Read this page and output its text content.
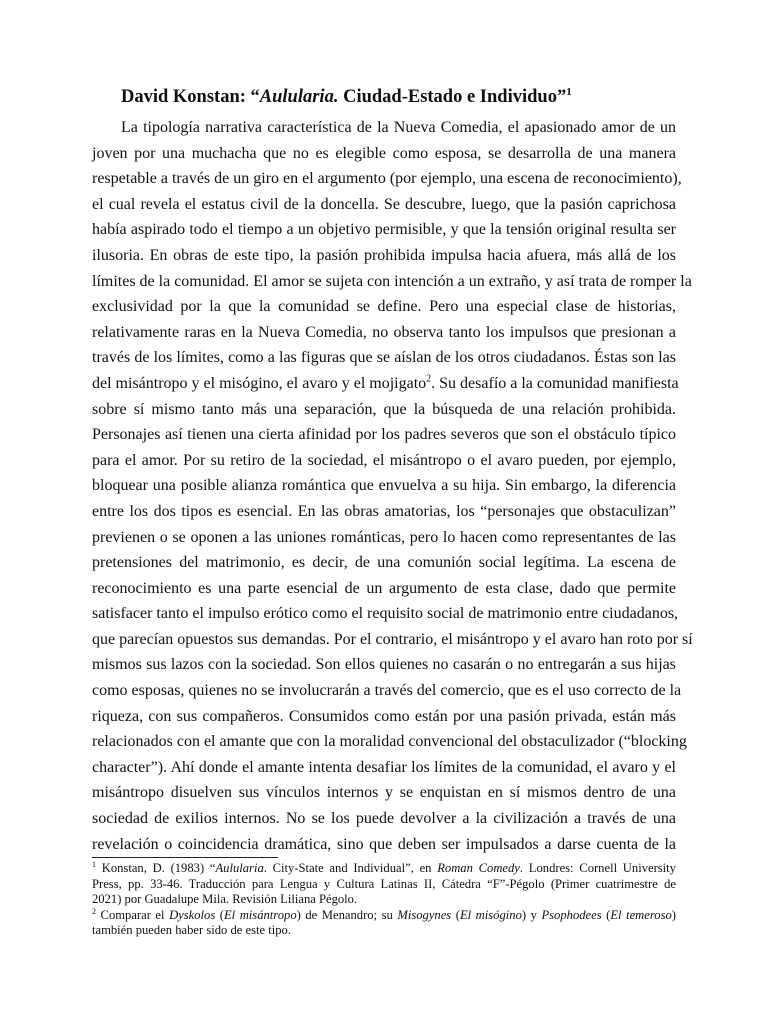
David Konstan: “Aulularia. Ciudad-Estado e Individuo”$^1$
La tipología narrativa característica de la Nueva Comedia, el apasionado amor de un
joven por una muchacha que no es elegible como esposa, se desarrolla de una manera
respetable a través de un giro en el argumento (por ejemplo, una escena de reconocimiento),
el cual revela el estatus civil de la doncella. Se descubre, luego, que la pasión caprichosa
había aspirado todo el tiempo a un objetivo permisible, y que la tensión original resulta ser
ilusoria. En obras de este tipo, la pasión prohibida impulsa hacia afuera, más allá de los
límites de la comunidad. El amor se sujeta con intención a un extraño, y así trata de romper la
exclusividad por la que la comunidad se define. Pero una especial clase de historias,
relativamente raras en la Nueva Comedia, no observa tanto los impulsos que presionan a
través de los límites, como a las figuras que se aíslan de los otros ciudadanos. Éstas son las
del misántropo y el misógino, el avaro y el mojigato$^2$. Su desafío a la comunidad manifiesta
sobre sí mismo tanto más una separación, que la búsqueda de una relación prohibida.
Personajes así tienen una cierta afinidad por los padres severos que son el obstáculo típico
para el amor. Por su retiro de la sociedad, el misántropo o el avaro pueden, por ejemplo,
bloquear una posible alianza romántica que envuelva a su hija. Sin embargo, la diferencia
entre los dos tipos es esencial. En las obras amatorias, los “personajes que obstaculizan”
previenen o se oponen a las uniones románticas, pero lo hacen como representantes de las
pretensiones del matrimonio, es decir, de una comunión social legítima. La escena de
reconocimiento es una parte esencial de un argumento de esta clase, dado que permite
satisfacer tanto el impulso erótico como el requisito social de matrimonio entre ciudadanos,
que parecían opuestos sus demandas. Por el contrario, el misántropo y el avaro han roto por sí
mismos sus lazos con la sociedad. Son ellos quienes no casarán o no entregarán a sus hijas
como esposas, quienes no se involucrarán a través del comercio, que es el uso correcto de la
riqueza, con sus compañeros. Consumidos como están por una pasión privada, están más
relacionados con el amante que con la moralidad convencional del obstaculizador (“blocking
character”). Ahí donde el amante intenta desafiar los límites de la comunidad, el avaro y el
misántropo disuelven sus vínculos internos y se enquistan en sí mismos dentro de una
sociedad de exilios internos. No se los puede devolver a la civilización a través de una
revelación o coincidencia dramática, sino que deben ser impulsados a darse cuenta de la
$^1$ Konstan, D. (1983) “Aulularia. City-State and Individual”, en Roman Comedy. Londres: Cornell University
Press, pp. 33-46. Traducción para Lengua y Cultura Latinas II, Cátedra “F”-Pégolo (Primer cuatrimestre de
2021) por Guadalupe Mila. Revisión Liliana Pégolo.
$^2$ Comparar el Dyskolos (El misántropo) de Menandro; su Misogynes (El misógino) y Psophodees (El temeroso)
también pueden haber sido de este tipo.
